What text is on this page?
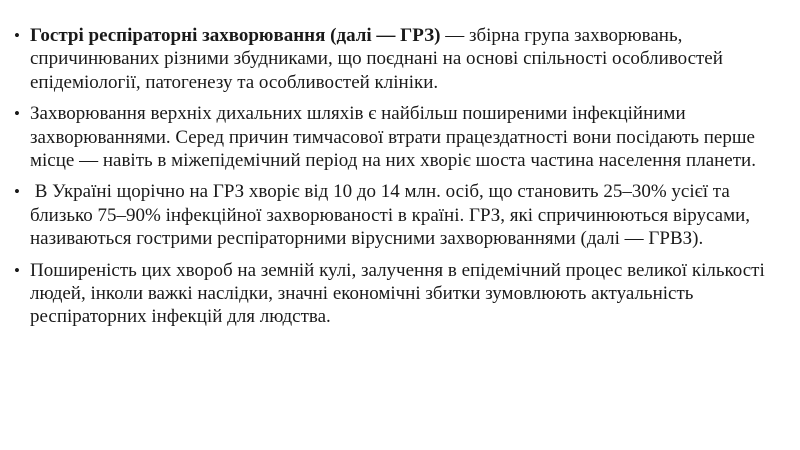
• Гострі респіраторні захворювання (далі — ГРЗ) — збірна група захворювань, спричинюваних різними збудниками, що поєднані на основі спільності особливостей епідеміології, патогенезу та особливостей клініки.
• Захворювання верхніх дихальних шляхів є найбільш поширеними інфекційними захворюваннями. Серед причин тимчасової втрати працездатності вони посідають перше місце — навіть в міжепідемічний період на них хворіє шоста частина населення планети.
• В Україні щорічно на ГРЗ хворіє від 10 до 14 млн. осіб, що становить 25–30% усієї та близько 75–90% інфекційної захворюваності в країні. ГРЗ, які спричинюються вірусами, називаються гострими респіраторними вірусними захворюваннями (далі — ГРВЗ).
• Поширеність цих хвороб на земній кулі, залучення в епідемічний процес великої кількості людей, інколи важкі наслідки, значні економічні збитки зумовлюють актуальність респіраторних інфекцій для людства.
